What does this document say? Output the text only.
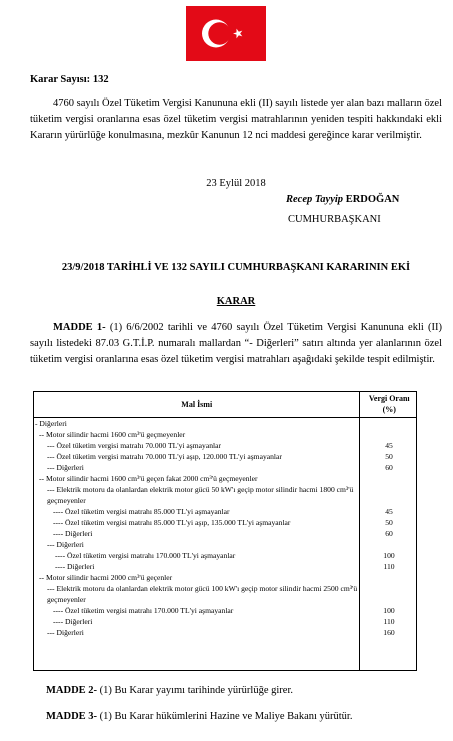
Karar Sayısı: 132
4760 sayılı Özel Tüketim Vergisi Kanununa ekli (II) sayılı listede yer alan bazı malların özel tüketim vergisi oranlarına esas özel tüketim vergisi matrahlarının yeniden tespiti hakkındaki ekli Kararın yürürlüğe konulmasına, mezkûr Kanunun 12 nci maddesi gereğince karar verilmiştir.
23 Eylül 2018
Recep Tayyip ERDOĞAN
CUMHURBAŞKANI
23/9/2018 TARİHLİ VE 132 SAYILI CUMHURBAŞKANI KARARININ EKİ
KARAR
MADDE 1- (1) 6/6/2002 tarihli ve 4760 sayılı Özel Tüketim Vergisi Kanununa ekli (II) sayılı listedeki 87.03 G.T.İ.P. numaralı mallardan “- Diğerleri” satırı altında yer alanlarının özel tüketim vergisi oranlarına esas özel tüketim vergisi matrahları aşağıdaki şekilde tespit edilmiştir.
Mal İsmi	Vergi Oranı (%)
- Diğerleri	
-- Motor silindir hacmi 1600 cm³'ü geçmeyenler	
--- Özel tüketim vergisi matrahı 70.000 TL'yi aşmayanlar	45
--- Özel tüketim vergisi matrahı 70.000 TL'yi aşıp, 120.000 TL'yi aşmayanlar	50
--- Diğerleri	60
-- Motor silindir hacmi 1600 cm³'ü geçen fakat 2000 cm³'ü geçmeyenler	
--- Elektrik motoru da olanlardan elektrik motor gücü 50 kW'ı geçip motor silindir hacmi 1800 cm³'ü geçmeyenler	
---- Özel tüketim vergisi matrahı 85.000 TL'yi aşmayanlar	45
---- Özel tüketim vergisi matrahı 85.000 TL'yi aşıp, 135.000 TL'yi aşmayanlar	50
---- Diğerleri	60
--- Diğerleri	
---- Özel tüketim vergisi matrahı 170.000 TL'yi aşmayanlar	100
---- Diğerleri	110
-- Motor silindir hacmi 2000 cm³'ü geçenler	
--- Elektrik motoru da olanlardan elektrik motor gücü 100 kW'ı geçip motor silindir hacmi 2500 cm³'ü geçmeyenler	
---- Özel tüketim vergisi matrahı 170.000 TL'yi aşmayanlar	100
---- Diğerleri	110
--- Diğerleri	160
MADDE 2- (1) Bu Karar yayımı tarihinde yürürlüğe girer.
MADDE 3- (1) Bu Karar hükümlerini Hazine ve Maliye Bakanı yürütür.
